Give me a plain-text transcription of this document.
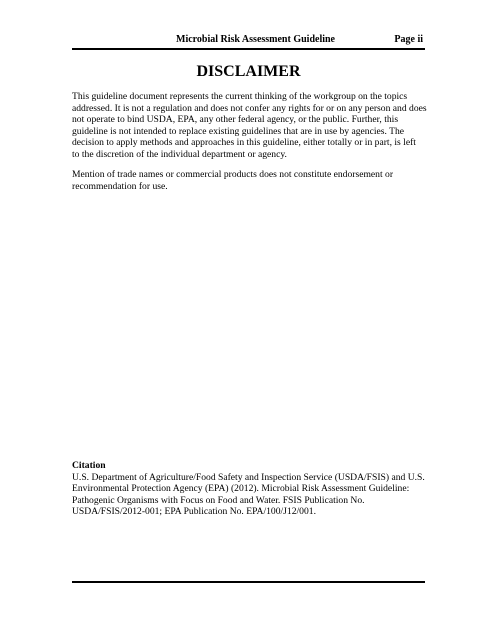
Microbial Risk Assessment Guideline	Page ii
DISCLAIMER
This guideline document represents the current thinking of the workgroup on the topics
addressed. It is not a regulation and does not confer any rights for or on any person and does
not operate to bind USDA, EPA, any other federal agency, or the public. Further, this
guideline is not intended to replace existing guidelines that are in use by agencies. The
decision to apply methods and approaches in this guideline, either totally or in part, is left
to the discretion of the individual department or agency.
Mention of trade names or commercial products does not constitute endorsement or
recommendation for use.
Citation
U.S. Department of Agriculture/Food Safety and Inspection Service (USDA/FSIS) and U.S.
Environmental Protection Agency (EPA) (2012). Microbial Risk Assessment Guideline:
Pathogenic Organisms with Focus on Food and Water. FSIS Publication No.
USDA/FSIS/2012-001; EPA Publication No. EPA/100/J12/001.
